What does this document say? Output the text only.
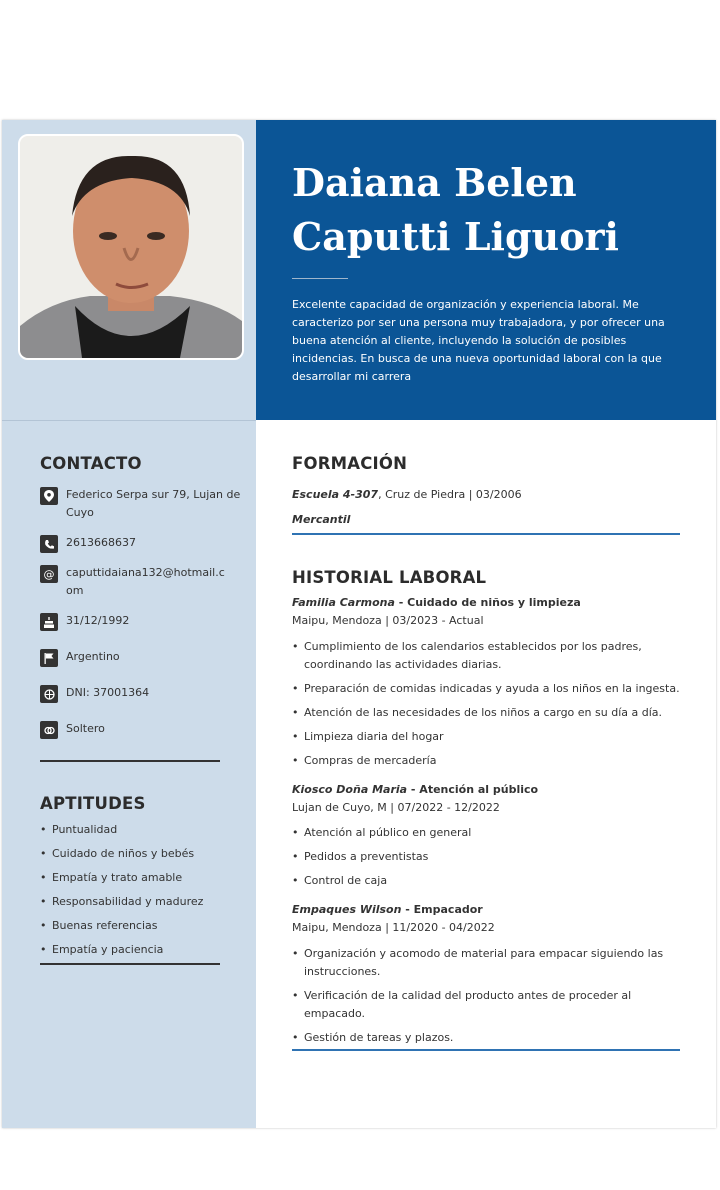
Daiana Belen
Caputti Liguori

Excelente capacidad de organización y experiencia laboral. Me caracterizo por ser una persona muy trabajadora, y por ofrecer una buena atención al cliente, incluyendo la solución de posibles incidencias. En busca de una nueva oportunidad laboral con la que desarrollar mi carrera

CONTACTO
Federico Serpa sur 79, Lujan de Cuyo
2613668637
@ caputtidaiana132@hotmail.com
31/12/1992
Argentino
DNI: 37001364
Soltero
APTITUDES
• Puntualidad
• Cuidado de niños y bebés
• Empatía y trato amable
• Responsabilidad y madurez
• Buenas referencias
• Empatía y paciencia
FORMACIÓN

Escuela 4-307, Cruz de Piedra | 03/2006

Mercantil

HISTORIAL LABORAL

Familia Carmona - Cuidado de niños y limpieza

Maipu, Mendoza | 03/2023 - Actual

• Cumplimiento de los calendarios establecidos por los padres, coordinando las actividades diarias.
• Preparación de comidas indicadas y ayuda a los niños en la ingesta.
• Atención de las necesidades de los niños a cargo en su día a día.
• Limpieza diaria del hogar
• Compras de mercadería

Kiosco Doña Maria - Atención al público

Lujan de Cuyo, M | 07/2022 - 12/2022

• Atención al público en general
• Pedidos a preventistas
• Control de caja

Empaques Wilson - Empacador

Maipu, Mendoza | 11/2020 - 04/2022

• Organización y acomodo de material para empacar siguiendo las instrucciones.
• Verificación de la calidad del producto antes de proceder al empacado.
• Gestión de tareas y plazos.
